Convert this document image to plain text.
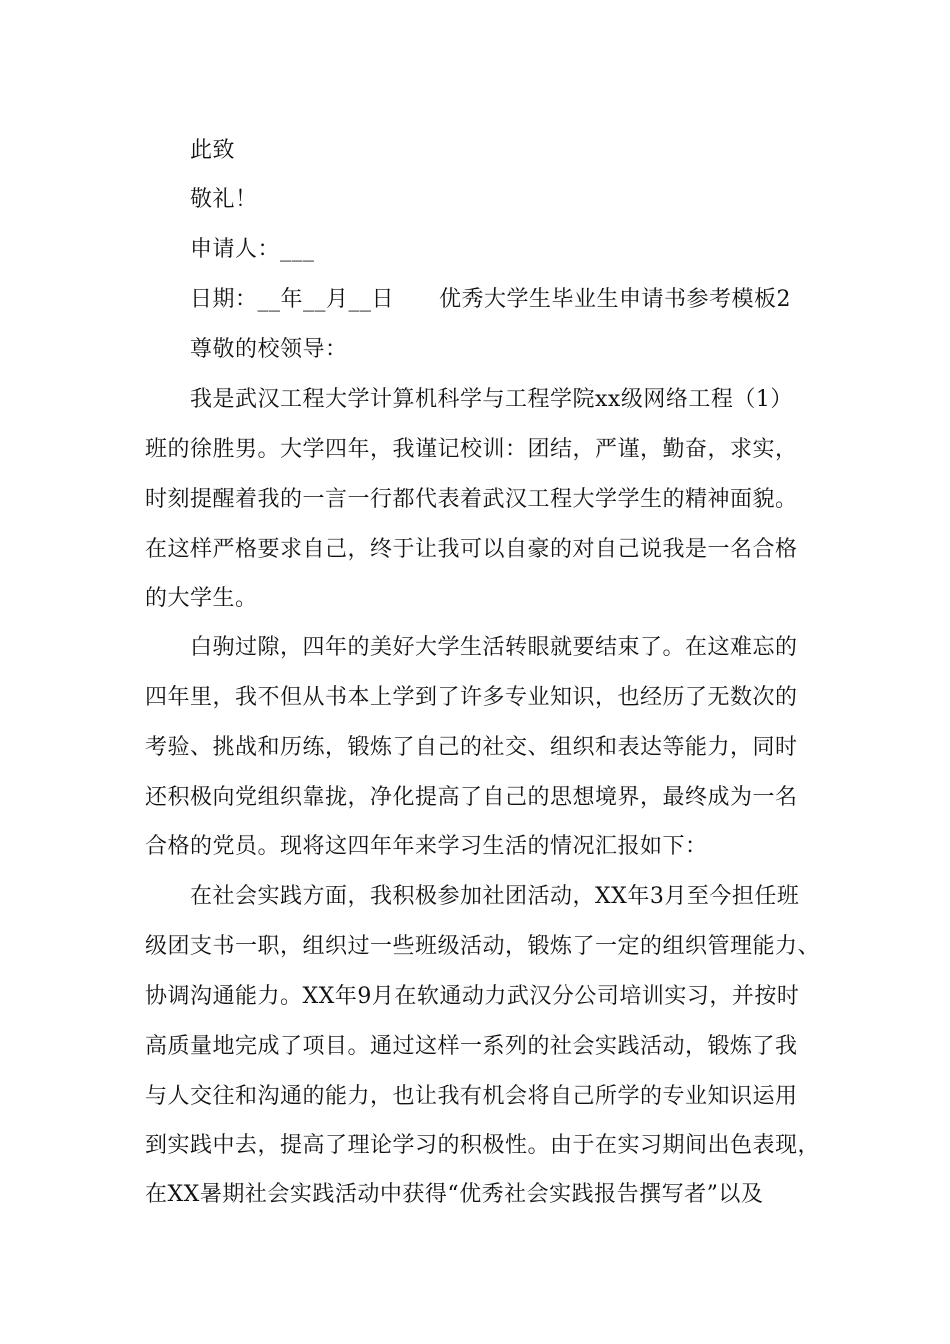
此致
敬礼！
申请人：___
日期：__年__月__日　　优秀大学生毕业生申请书参考模板2
尊敬的校领导：
我是武汉工程大学计算机科学与工程学院xx级网络工程（1）
班的徐胜男。大学四年，我谨记校训：团结，严谨，勤奋，求实，
时刻提醒着我的一言一行都代表着武汉工程大学学生的精神面貌。
在这样严格要求自己，终于让我可以自豪的对自己说我是一名合格
的大学生。
白驹过隙，四年的美好大学生活转眼就要结束了。在这难忘的
四年里，我不但从书本上学到了许多专业知识，也经历了无数次的
考验、挑战和历练，锻炼了自己的社交、组织和表达等能力，同时
还积极向党组织靠拢，净化提高了自己的思想境界，最终成为一名
合格的党员。现将这四年年来学习生活的情况汇报如下：
在社会实践方面，我积极参加社团活动，XX年3月至今担任班
级团支书一职，组织过一些班级活动，锻炼了一定的组织管理能力、
协调沟通能力。XX年9月在软通动力武汉分公司培训实习，并按时
高质量地完成了项目。通过这样一系列的社会实践活动，锻炼了我
与人交往和沟通的能力，也让我有机会将自己所学的专业知识运用
到实践中去，提高了理论学习的积极性。由于在实习期间出色表现，
在XX暑期社会实践活动中获得“优秀社会实践报告撰写者”以及
